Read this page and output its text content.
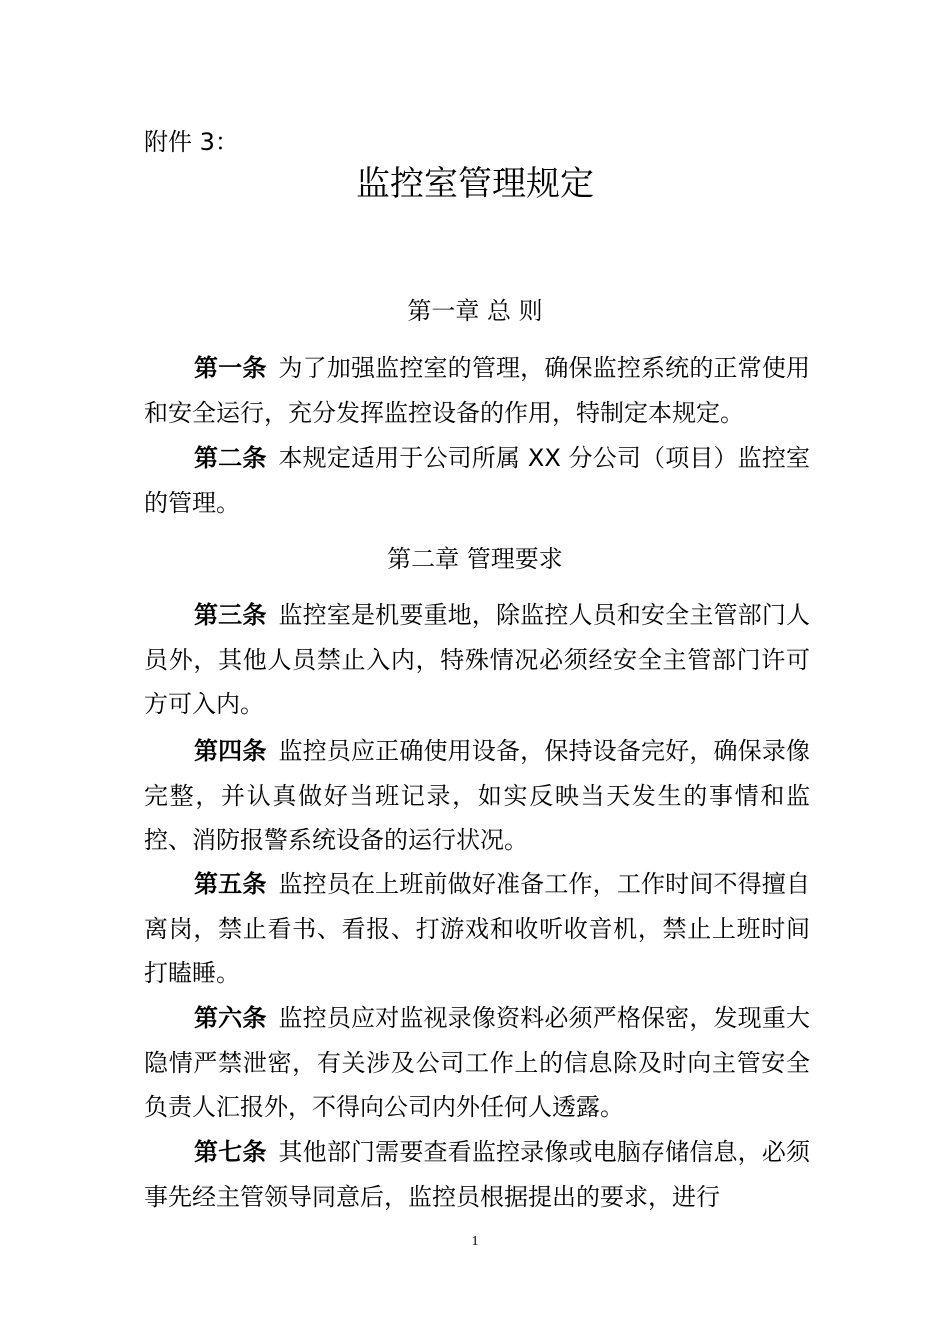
附件 3：
监控室管理规定
第一章 总 则
第一条 为了加强监控室的管理，确保监控系统的正常使用和安全运行，充分发挥监控设备的作用，特制定本规定。
第二条 本规定适用于公司所属 XX 分公司（项目）监控室的管理。
第二章 管理要求
第三条 监控室是机要重地，除监控人员和安全主管部门人员外，其他人员禁止入内，特殊情况必须经安全主管部门许可方可入内。
第四条 监控员应正确使用设备，保持设备完好，确保录像完整，并认真做好当班记录，如实反映当天发生的事情和监控、消防报警系统设备的运行状况。
第五条 监控员在上班前做好准备工作，工作时间不得擅自离岗，禁止看书、看报、打游戏和收听收音机，禁止上班时间打瞌睡。
第六条 监控员应对监视录像资料必须严格保密，发现重大隐情严禁泄密，有关涉及公司工作上的信息除及时向主管安全负责人汇报外，不得向公司内外任何人透露。
第七条 其他部门需要查看监控录像或电脑存储信息，必须事先经主管领导同意后，监控员根据提出的要求，进行
1
